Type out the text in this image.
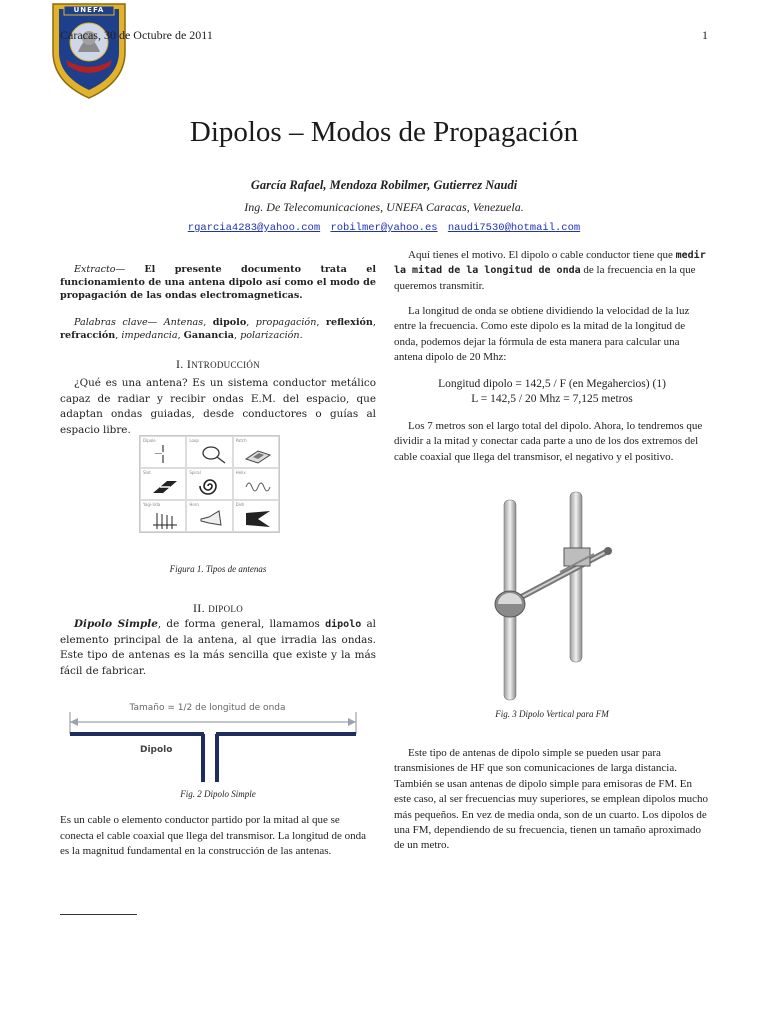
UNEFA
Caracas, 30 de Octubre de 2011	1
Dipolos – Modos de Propagación
García Rafael, Mendoza Robilmer, Gutierrez Naudi
Ing. De Telecomunicaciones, UNEFA Caracas, Venezuela.
rgarcia4283@yahoo.com robilmer@yahoo.es naudi7530@hotmail.com

Extracto— El presente documento trata el funcionamiento de una antena dipolo así como el modo de propagación de las ondas electromagneticas.

Palabras clave— Antenas, dipolo, propagación, reflexión, refracción, impedancia, Ganancia, polarización.

I. INTRODUCCIÓN

¿Qué es una antena? Es un sistema conductor metálico capaz de radiar y recibir ondas E.M. del espacio, que adaptan ondas guiadas, desde conductores o guías al espacio libre.

Dipole	Loop	Patch
Slot	Spiral	Helix
Yagi-Uda	Horn	Dish
Figura 1. Tipos de antenas
II. DIPOLO

Dipolo Simple, de forma general, llamamos dipolo al elemento principal de la antena, al que irradia las ondas. Este tipo de antenas es la más sencilla que existe y la más fácil de fabricar.

Tamaño = 1/2 de longitud de onda
Dipolo
Fig. 2 Dipolo Simple

Es un cable o elemento conductor partido por la mitad al que se conecta el cable coaxial que llega del transmisor. La longitud de onda es la magnitud fundamental en la construcción de las antenas.

Aquí tienes el motivo. El dipolo o cable conductor tiene que medir la mitad de la longitud de onda de la frecuencia en la que queremos transmitir.

La longitud de onda se obtiene dividiendo la velocidad de la luz entre la frecuencia. Como este dipolo es la mitad de la longitud de onda, podemos dejar la fórmula de esta manera para calcular una antena dipolo de 20 Mhz:

Longitud dipolo = 142,5 / F (en Megahercios) (1)

L = 142,5 / 20 Mhz = 7,125 metros

Los 7 metros son el largo total del dipolo. Ahora, lo tendremos que dividir a la mitad y conectar cada parte a uno de los dos extremos del cable coaxial que llega del transmisor, el negativo y el positivo.

Fig. 3 Dipolo Vertical para FM

Este tipo de antenas de dipolo simple se pueden usar para transmisiones de HF que son comunicaciones de larga distancia. También se usan antenas de dipolo simple para emisoras de FM. En este caso, al ser frecuencias muy superiores, se emplean dipolos mucho más pequeños. En vez de media onda, son de un cuarto. Los dipolos de una FM, dependiendo de su frecuencia, tienen un tamaño aproximado de un metro.
